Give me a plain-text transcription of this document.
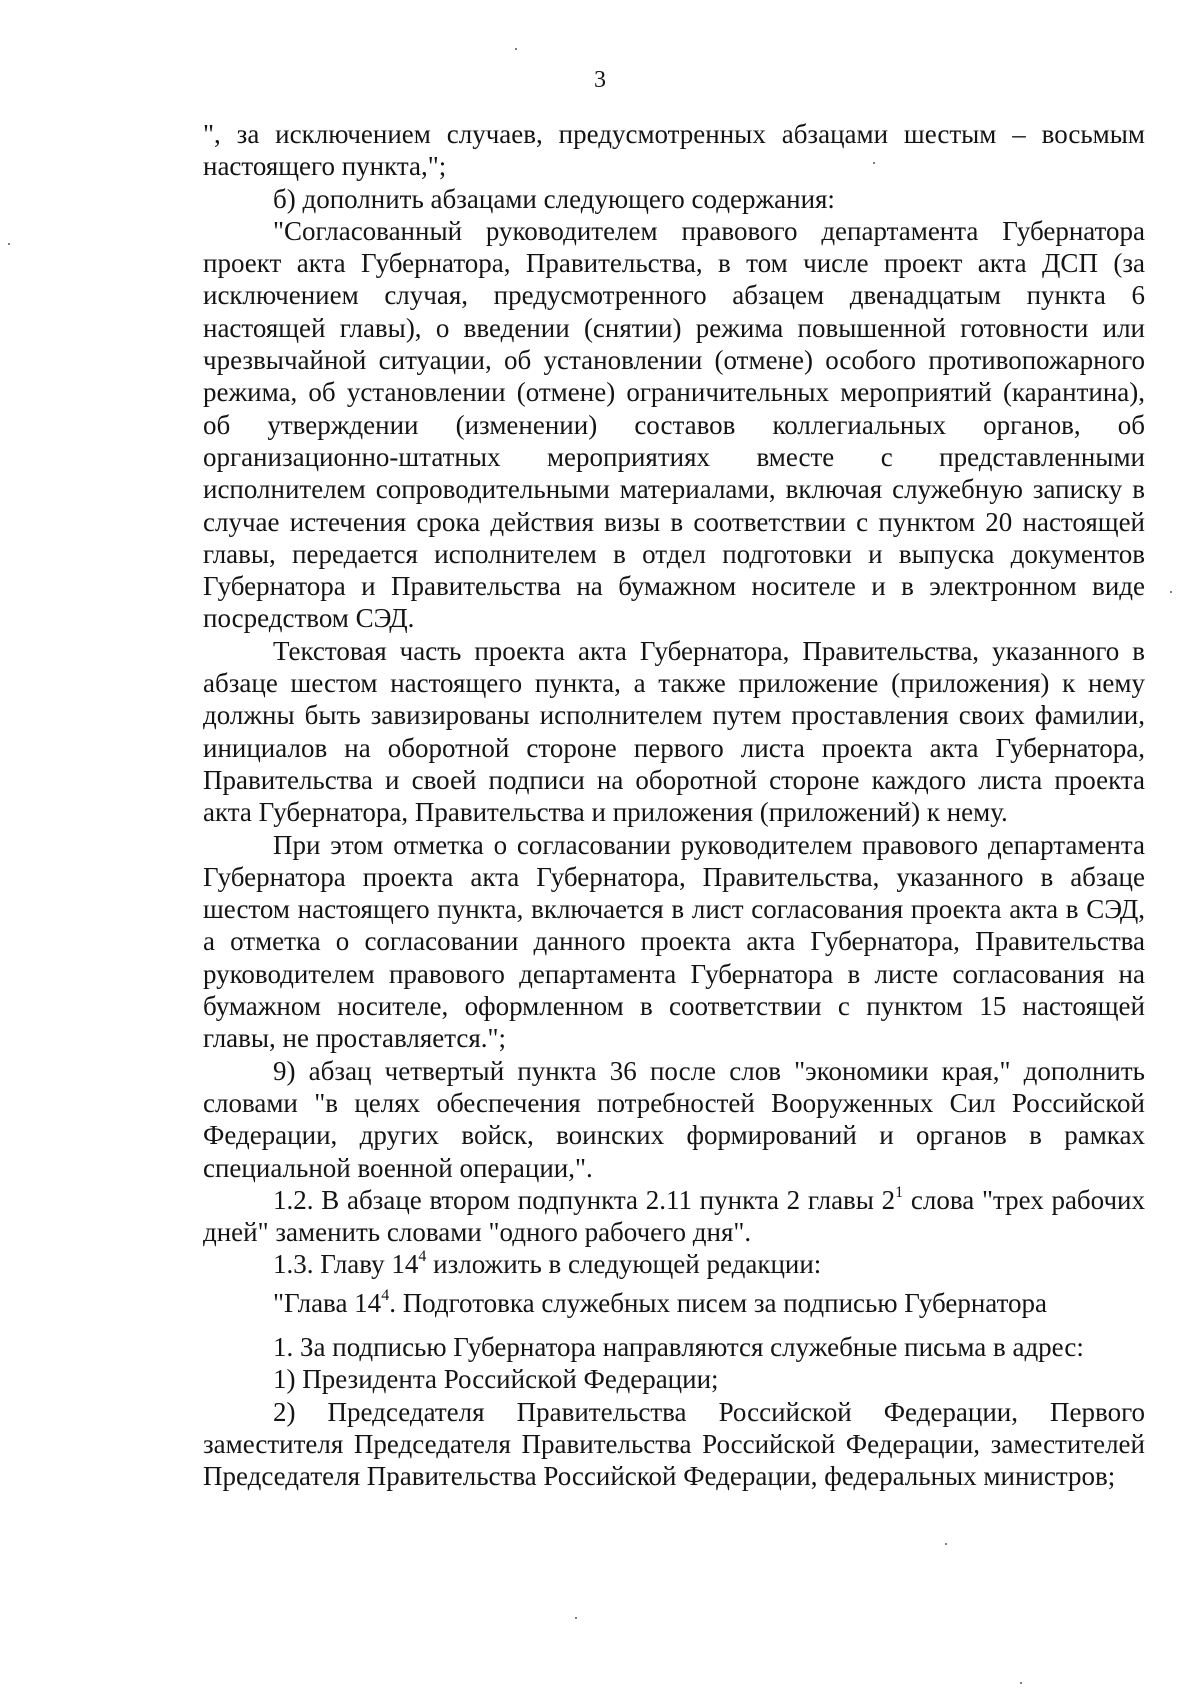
3

", за исключением случаев, предусмотренных абзацами шестым – восьмым настоящего пункта,";

б) дополнить абзацами следующего содержания:

"Согласованный руководителем правового департамента Губернатора проект акта Губернатора, Правительства, в том числе проект акта ДСП (за исключением случая, предусмотренного абзацем двенадцатым пункта 6 настоящей главы), о введении (снятии) режима повышенной готовности или чрезвычайной ситуации, об установлении (отмене) особого противопожарного режима, об установлении (отмене) ограничительных мероприятий (карантина), об утверждении (изменении) составов коллегиальных органов, об организационно-штатных мероприятиях вместе с представленными исполнителем сопроводительными материалами, включая служебную записку в случае истечения срока действия визы в соответствии с пунктом 20 настоящей главы, передается исполнителем в отдел подготовки и выпуска документов Губернатора и Правительства на бумажном носителе и в электронном виде посредством СЭД.

Текстовая часть проекта акта Губернатора, Правительства, указанного в абзаце шестом настоящего пункта, а также приложение (приложения) к нему должны быть завизированы исполнителем путем проставления своих фамилии, инициалов на оборотной стороне первого листа проекта акта Губернатора, Правительства и своей подписи на оборотной стороне каждого листа проекта акта Губернатора, Правительства и приложения (приложений) к нему.

При этом отметка о согласовании руководителем правового департамента Губернатора проекта акта Губернатора, Правительства, указанного в абзаце шестом настоящего пункта, включается в лист согласования проекта акта в СЭД, а отметка о согласовании данного проекта акта Губернатора, Правительства руководителем правового департамента Губернатора в листе согласования на бумажном носителе, оформленном в соответствии с пунктом 15 настоящей главы, не проставляется.";

9) абзац четвертый пункта 36 после слов "экономики края," дополнить словами "в целях обеспечения потребностей Вооруженных Сил Российской Федерации, других войск, воинских формирований и органов в рамках специальной военной операции,".

1.2. В абзаце втором подпункта 2.11 пункта 2 главы $2^1$ слова "трех рабочих дней" заменить словами "одного рабочего дня".

1.3. Главу $14^4$ изложить в следующей редакции:

"Глава $14^4$. Подготовка служебных писем за подписью Губернатора

1. За подписью Губернатора направляются служебные письма в адрес:

1) Президента Российской Федерации;

2) Председателя Правительства Российской Федерации, Первого заместителя Председателя Правительства Российской Федерации, заместителей Председателя Правительства Российской Федерации, федеральных министров;
